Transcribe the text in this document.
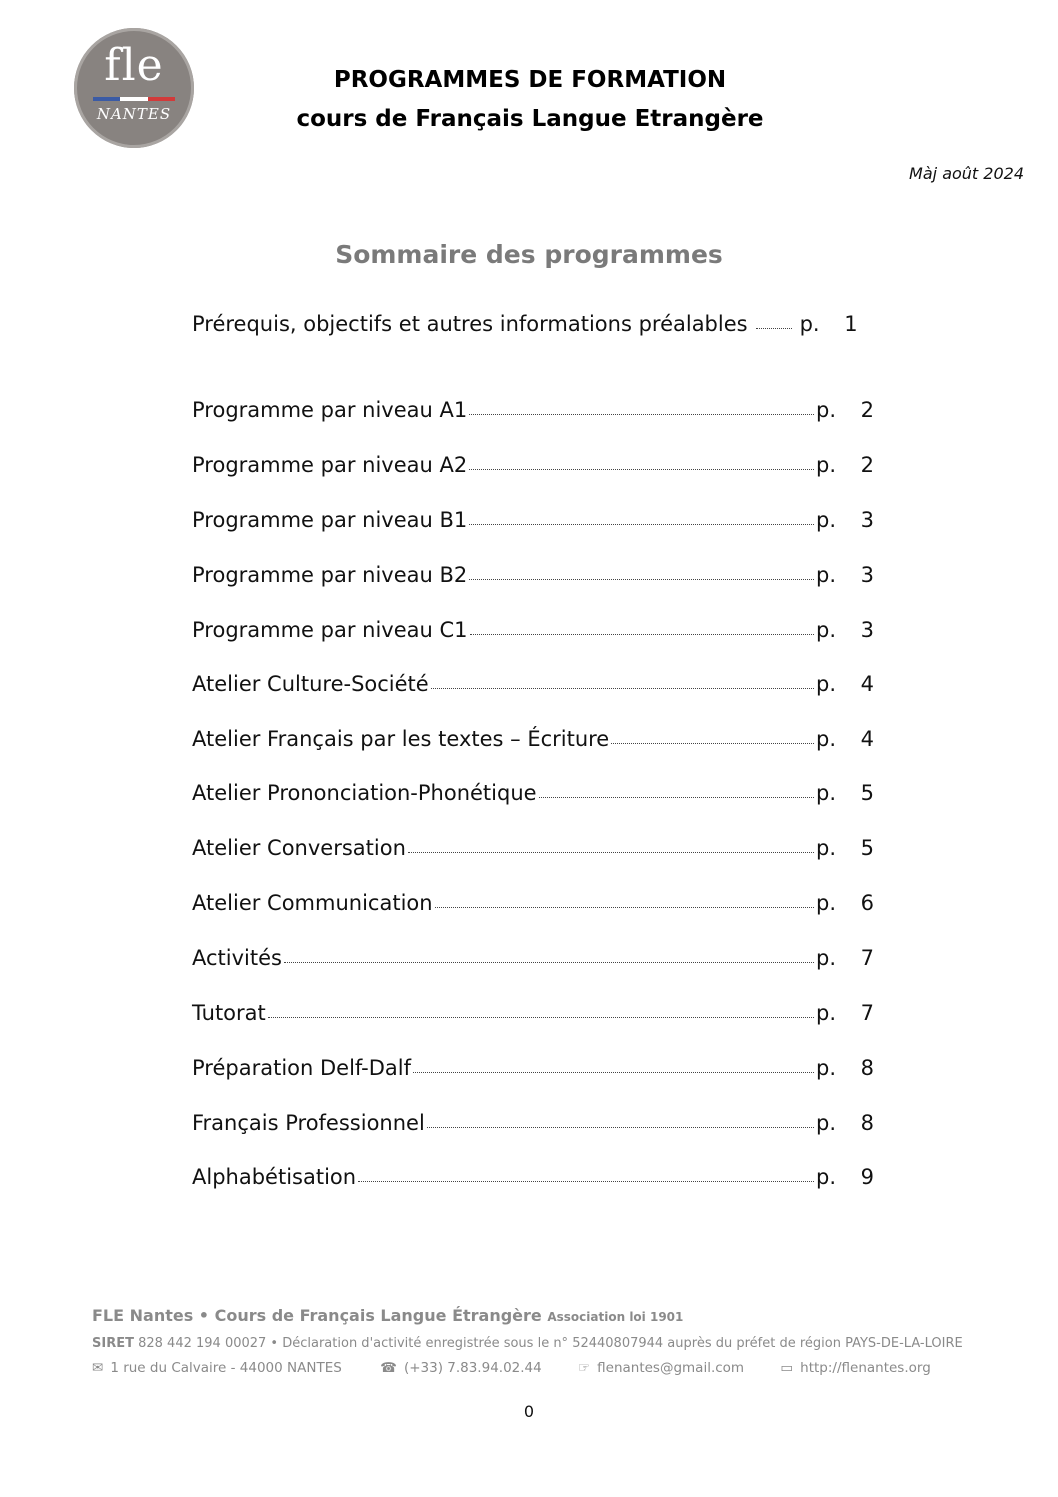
fle
NANTES
PROGRAMMES DE FORMATION
cours de Français Langue Etrangère
Màj août 2024
Sommaire des programmes
Prérequis, objectifs et autres informations préalables p.	1
Programme par niveau A1	p.	2
Programme par niveau A2	p.	2
Programme par niveau B1	p.	3
Programme par niveau B2	p.	3
Programme par niveau C1	p.	3
Atelier Culture-Société	p.	4
Atelier Français par les textes – Écriture	p.	4
Atelier Prononciation-Phonétique	p.	5
Atelier Conversation	p.	5
Atelier Communication	p.	6
Activités	p.	7
Tutorat	p.	7
Préparation Delf-Dalf	p.	8
Français Professionnel	p.	8
Alphabétisation	p.	9
FLE Nantes • Cours de Français Langue Étrangère Association loi 1901
SIRET 828 442 194 00027 • Déclaration d'activité enregistrée sous le n° 52440807944 auprès du préfet de région PAYS-DE-LA-LOIRE
✉ 1 rue du Calvaire - 44000 NANTES	☎ (+33) 7.83.94.02.44	☞ flenantes@gmail.com	▭ http://flenantes.org
0
